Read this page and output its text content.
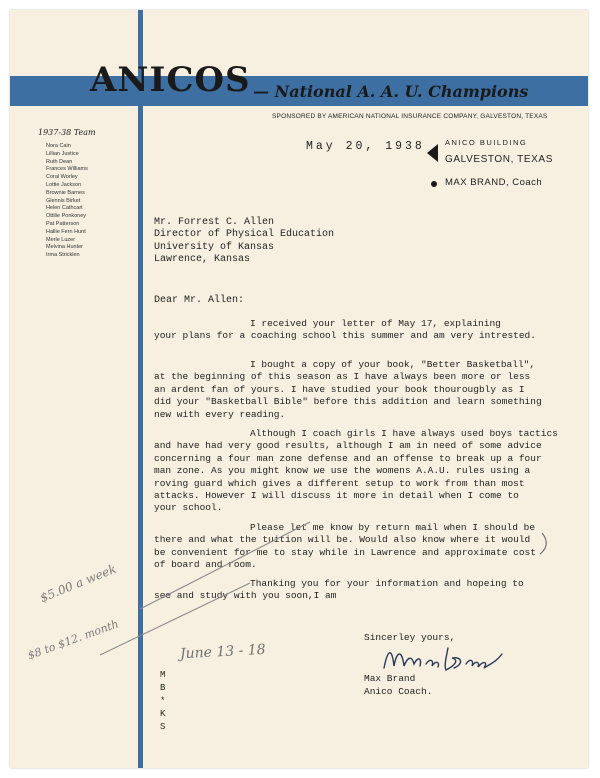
ANICOS — National A. A. U. Champions
SPONSORED BY AMERICAN NATIONAL INSURANCE COMPANY, GALVESTON, TEXAS
1937-38 Team
Nora Cain
Lillian Justice
Ruth Dean
Frances Williams
Coral Worley
Lottie Jackson
Brownie Barnes
Glennis Birket
Helen Cathcart
Ottilie Ponkoney
Pat Patterson
Hallie Fern Hunt
Merle Luzer
Melvina Hunter
Irma Stricklen
May 20, 1938	ANICO BUILDING
GALVESTON, TEXAS
MAX BRAND, Coach
Mr. Forrest C. Allen
Director of Physical Education
University of Kansas
Lawrence, Kansas
Dear Mr. Allen:
I received your letter of May 17, explaining
your plans for a coaching school this summer and am very intrested.
I bought a copy of your book, "Better Basketball",
at the beginning of this season as I have always been more or less
an ardent fan of yours. I have studied your book thourougbly as I
did your "Basketball Bible" before this addition and learn something
new with every reading.
Although I coach girls I have always used boys tactics
and have had very good results, although I am in need of some advice
concerning a four man zone defense and an offense to break up a four
man zone. As you might know we use the womens A.A.U. rules using a
roving guard which gives a different setup to work from than most
attacks. However I will discuss it more in detail when I come to
your school.
Please let me know by return mail when I should be
there and what the tuition will be. Would also know where it would
be convenient for me to stay while in Lawrence and approximate cost
of board and room.
Thanking you for your information and hopeing to
see and study with you soon,I am
Sincerley yours,
Max Brand
Anico Coach.
M
B
*
K
S
$5.00 a week
$8 to $12. month	June 13 - 18
